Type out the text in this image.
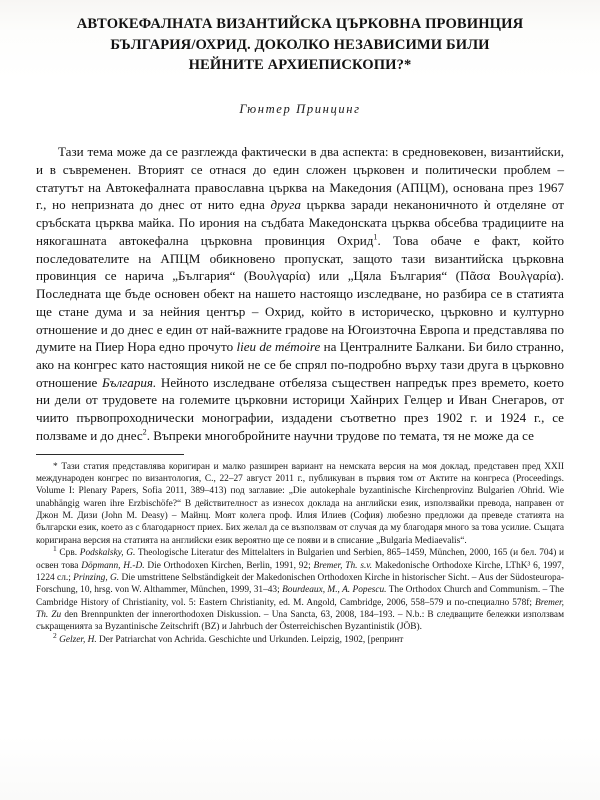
АВТОКЕФАЛНАТА ВИЗАНТИЙСКА ЦЪРКОВНА ПРОВИНЦИЯ
БЪЛГАРИЯ/ОХРИД. ДОКОЛКО НЕЗАВИСИМИ БИЛИ
НЕЙНИТЕ АРХИЕПИСКОПИ?*
Гюнтер Принцинг

Тази тема може да се разглежда фактически в два аспекта: в средновековен, византийски, и в съвременен. Вторият се отнася до един сложен църковен и политически проблем – статутът на Автокефалната православна църква на Македония (АПЦМ), основана през 1967 г., но непризната до днес от нито една друга църква заради неканоничното ѝ отделяне от сръбската църква майка. По ирония на съдбата Македонската църква обсебва традициите на някогашната автокефална църковна провинция Охрид$^1$. Това обаче е факт, който последователите на АПЦМ обикновено пропускат, защото тази византийска църковна провинция се нарича „България“ (Βουλγαρία) или „Цяла България“ (Πᾶσα Βουλγαρία). Последната ще бъде основен обект на нашето настоящо изследване, но разбира се в статията ще стане дума и за нейния център – Охрид, който в историческо, църковно и културно отношение и до днес е един от най-важните градове на Югоизточна Европа и представлява по думите на Пиер Нора едно прочуто lieu de mémoire на Централните Балкани. Би било странно, ако на конгрес като настоящия никой не се бе спрял по-подробно върху тази друга в църковно отношение България. Нейното изследване отбеляза съществен напредък през времето, което ни дели от трудовете на големите църковни историци Хайнрих Гелцер и Иван Снегаров, от чиито първопроходнически монографии, издадени съответно през 1902 г. и 1924 г., се ползваме и до днес$^2$. Въпреки многобройните научни трудове по темата, тя не може да се

* Тази статия представлява коригиран и малко разширен вариант на немската версия на моя доклад, представен пред XXII международен конгрес по византология, С., 22–27 август 2011 г., публикуван в първия том от Актите на конгреса (Proceedings. Volume I: Plenary Papers, Sofia 2011, 389–413) под заглавие: „Die autokephale byzantinische Kirchenprovinz Bulgarien /Ohrid. Wie unabhängig waren ihre Erzbischöfe?“ В действителност аз изнесох доклада на английски език, използвайки превода, направен от Джон М. Дизи (John M. Deasy) – Майнц. Моят колега проф. Илия Илиев (София) любезно предложи да преведе статията на български език, което аз с благодарност приех. Бих желал да се възползвам от случая да му благодаря много за това усилие. Същата коригирана версия на статията на английски език вероятно ще се появи и в списание „Bulgaria Mediaevalis“.

$^1$ Срв. Podskalsky, G. Theologische Literatur des Mittelalters in Bulgarien und Serbien, 865–1459, München, 2000, 165 (и бел. 704) и освен това Döpmann, H.-D. Die Orthodoxen Kirchen, Berlin, 1991, 92; Bremer, Th. s.v. Makedonische Orthodoxe Kirche, LThK³ 6, 1997, 1224 сл.; Prinzing, G. Die umstrittene Selbständigkeit der Makedonischen Orthodoxen Kirche in historischer Sicht. – Aus der Südosteuropa-Forschung, 10, hrsg. von W. Althammer, München, 1999, 31–43; Bourdeaux, M., A. Popescu. The Orthodox Church and Communism. – The Cambridge History of Christianity, vol. 5: Eastern Christianity, ed. M. Angold, Cambridge, 2006, 558–579 и по-специално 578f; Bremer, Th. Zu den Brennpunkten der innerorthodoxen Diskussion. – Una Sancta, 63, 2008, 184–193. – N.b.: В следващите бележки използвам съкращенията за Byzantinische Zeitschrift (BZ) и Jahrbuch der Österreichischen Byzantinistik (JÖB).

$^2$ Gelzer, H. Der Patriarchat von Achrida. Geschichte und Urkunden. Leipzig, 1902, [репринт
